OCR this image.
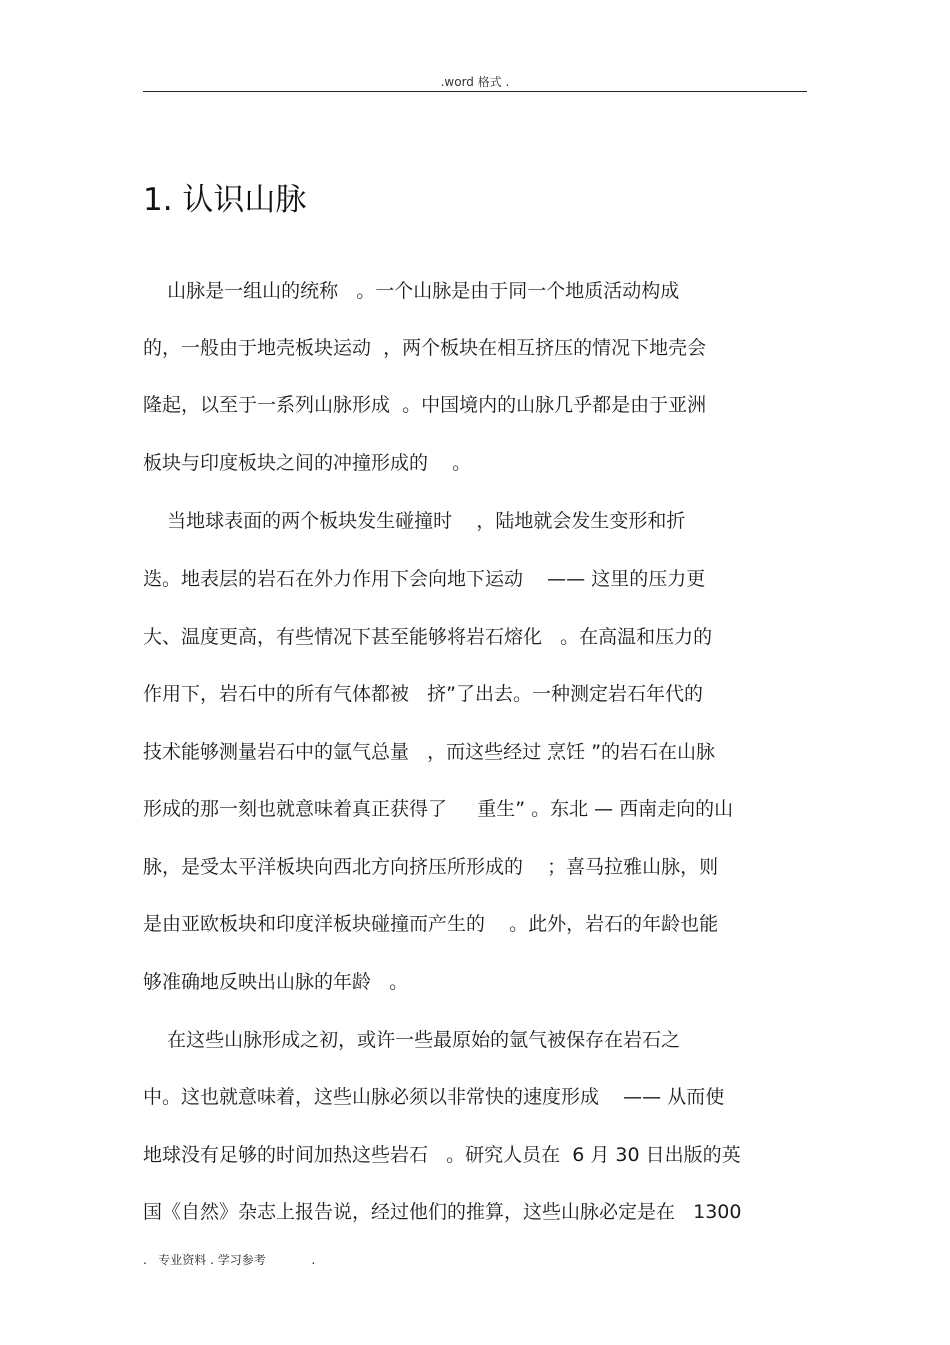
.word 格式 .
1. 认识山脉
山脉是一组山的统称   。一个山脉是由于同一个地质活动构成
的，一般由于地壳板块运动  ，两个板块在相互挤压的情况下地壳会
隆起，以至于一系列山脉形成  。中国境内的山脉几乎都是由于亚洲
板块与印度板块之间的冲撞形成的    。
当地球表面的两个板块发生碰撞时    ，陆地就会发生变形和折
迭。地表层的岩石在外力作用下会向地下运动    —— 这里的压力更
大、温度更高，有些情况下甚至能够将岩石熔化   。在高温和压力的
作用下，岩石中的所有气体都被   挤”了出去。一种测定岩石年代的
技术能够测量岩石中的氩气总量   ，而这些经过 烹饪 ”的岩石在山脉
形成的那一刻也就意味着真正获得了     重生” 。东北 — 西南走向的山
脉，是受太平洋板块向西北方向挤压所形成的    ；喜马拉雅山脉，则
是由亚欧板块和印度洋板块碰撞而产生的    。此外，岩石的年龄也能
够准确地反映出山脉的年龄   。
在这些山脉形成之初，或许一些最原始的氩气被保存在岩石之
中。这也就意味着，这些山脉必须以非常快的速度形成    —— 从而使
地球没有足够的时间加热这些岩石   。研究人员在  6 月 30 日出版的英
国《自然》杂志上报告说，经过他们的推算，这些山脉必定是在   1300
.   专业资料 . 学习参考            .
